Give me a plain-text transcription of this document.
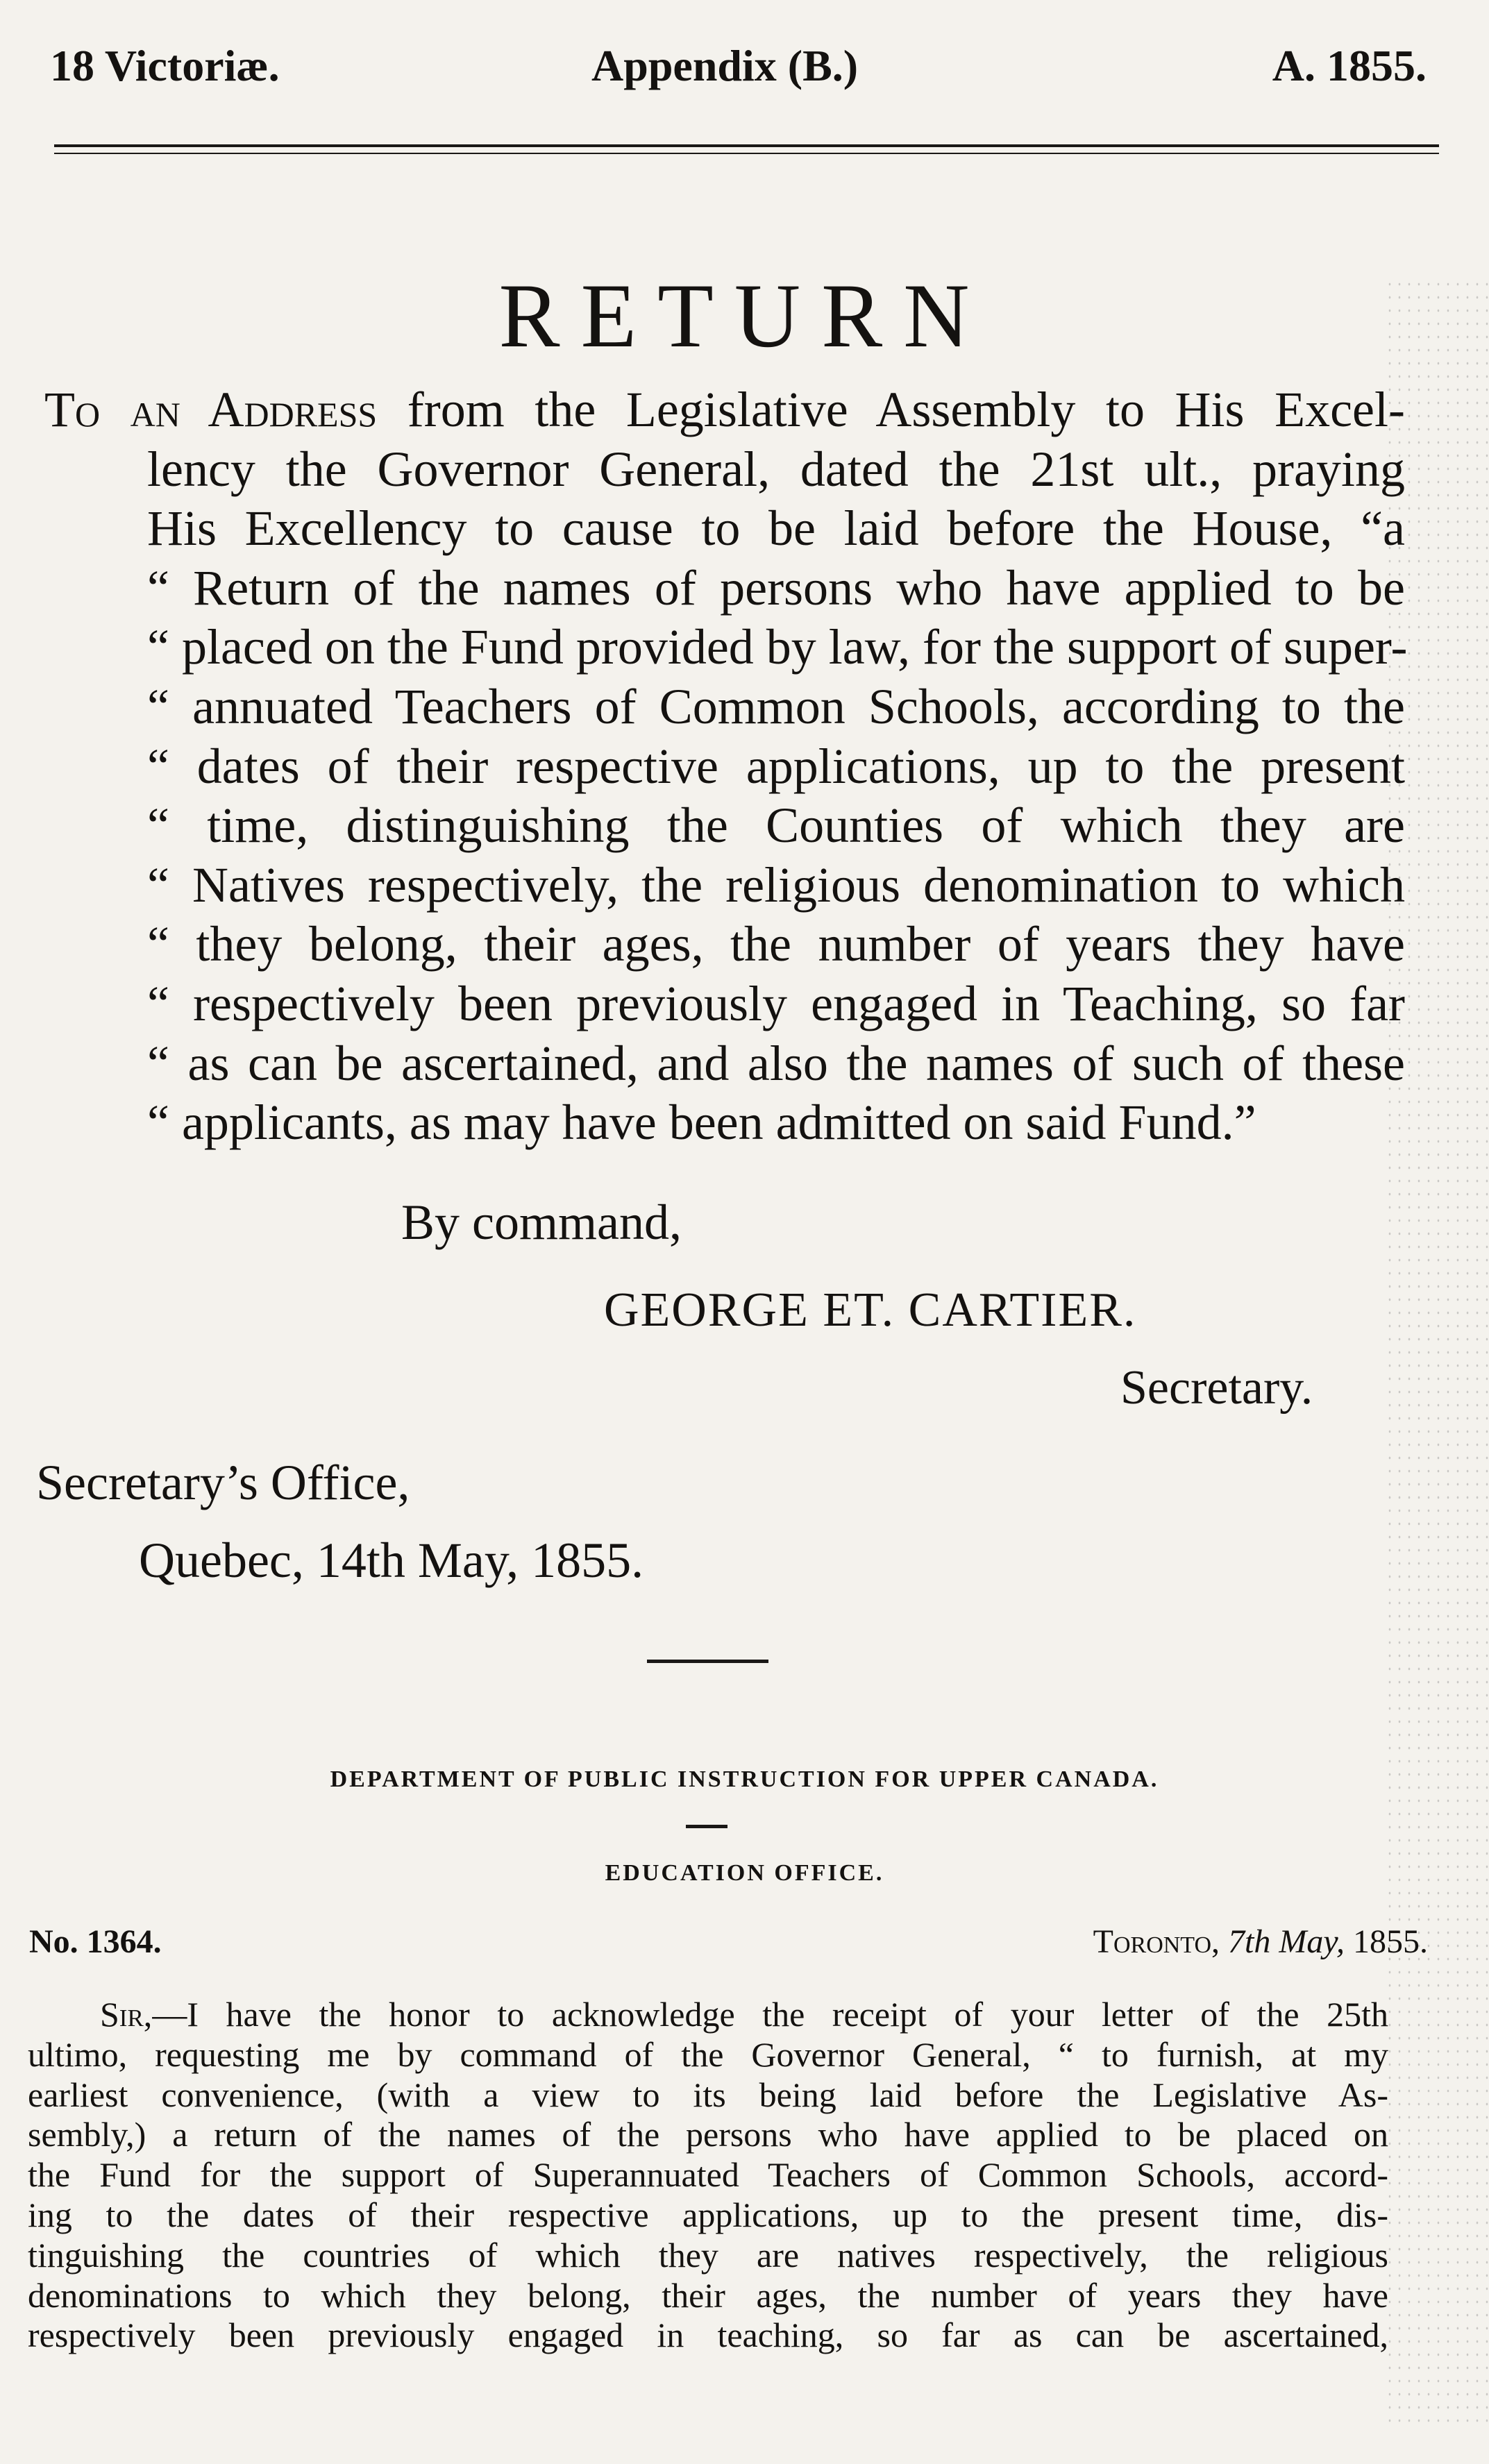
18 Victoriæ.	Appendix (B.)	A. 1855.
RETURN
To an Address from the Legislative Assembly to His Excel-
lency the Governor General, dated the 21st ult., praying
His Excellency to cause to be laid before the House, “a
“ Return of the names of persons who have applied to be
“ placed on the Fund provided by law, for the support of super-
“ annuated Teachers of Common Schools, according to the
“ dates of their respective applications, up to the present
“ time, distinguishing the Counties of which they are
“ Natives respectively, the religious denomination to which
“ they belong, their ages, the number of years they have
“ respectively been previously engaged in Teaching, so far
“ as can be ascertained, and also the names of such of these
“ applicants, as may have been admitted on said Fund.”
By command,
GEORGE ET. CARTIER.
Secretary.
Secretary’s Office,
Quebec, 14th May, 1855.
DEPARTMENT OF PUBLIC INSTRUCTION FOR UPPER CANADA.
EDUCATION OFFICE.
No. 1364.	Toronto, 7th May, 1855.
Sir,—I have the honor to acknowledge the receipt of your letter of the 25th
ultimo, requesting me by command of the Governor General, “ to furnish, at my
earliest convenience, (with a view to its being laid before the Legislative As-
sembly,) a return of the names of the persons who have applied to be placed on
the Fund for the support of Superannuated Teachers of Common Schools, accord-
ing to the dates of their respective applications, up to the present time, dis-
tinguishing the countries of which they are natives respectively, the religious
denominations to which they belong, their ages, the number of years they have
respectively been previously engaged in teaching, so far as can be ascertained,
